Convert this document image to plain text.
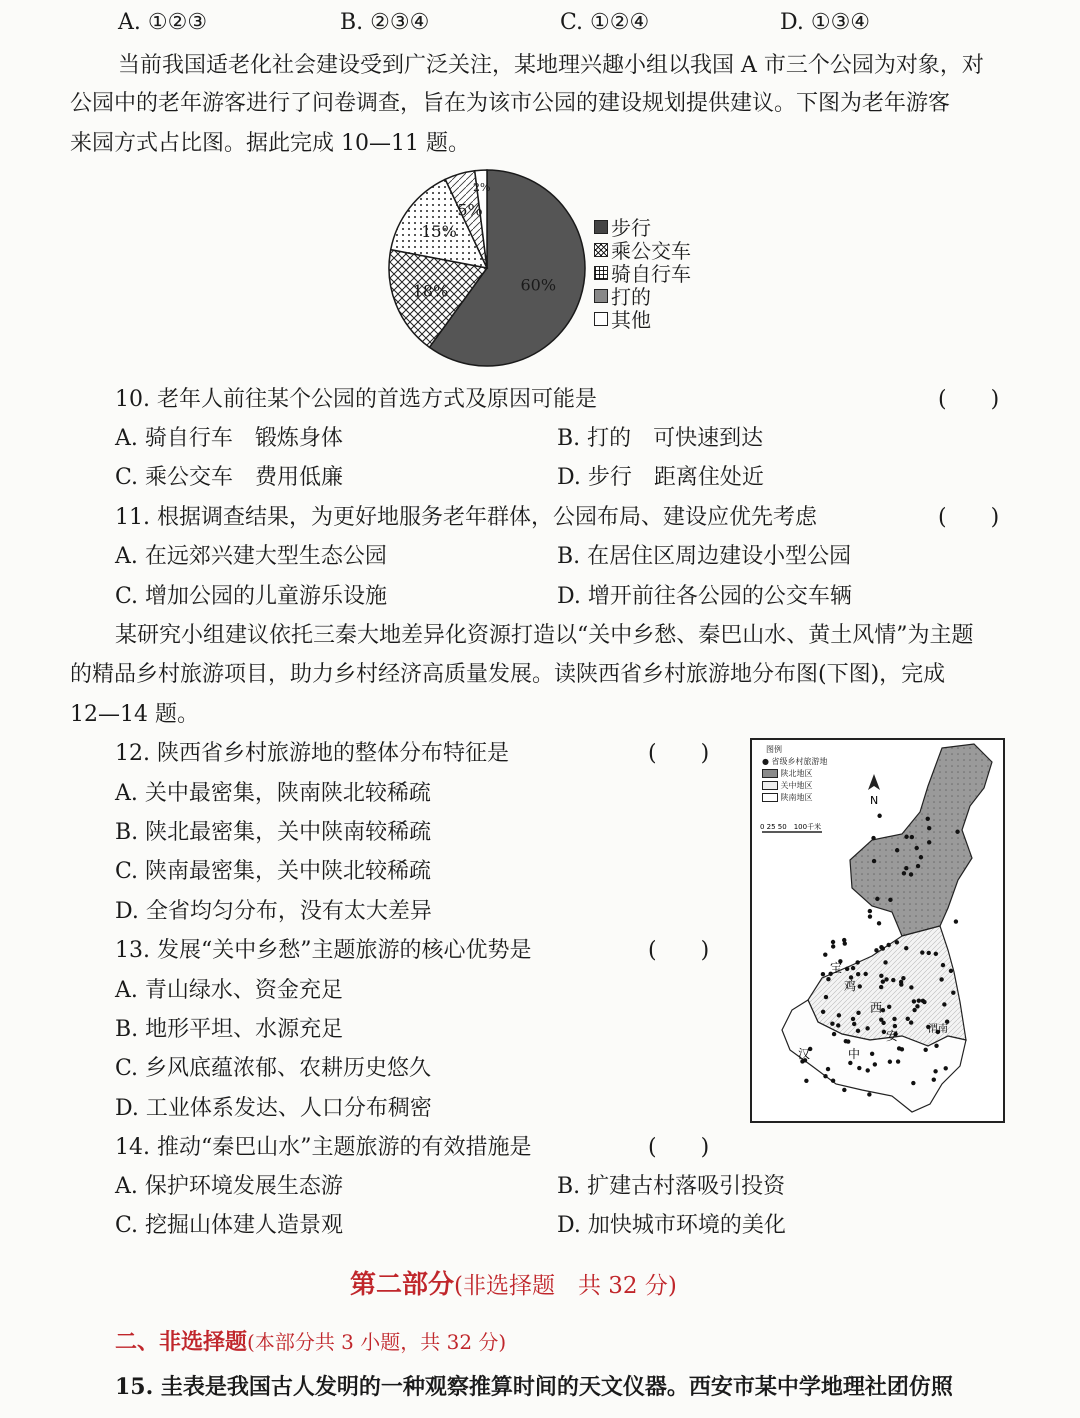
A. ①②③	B. ②③④	C. ①②④	D. ①③④
当前我国适老化社会建设受到广泛关注，某地理兴趣小组以我国 A 市三个公园为对象，对
公园中的老年游客进行了问卷调查，旨在为该市公园的建设规划提供建议。下图为老年游客
来园方式占比图。据此完成 10—11 题。
60%
18%
15%
5%
2%
步行
乘公交车
骑自行车
打的
其他
10. 老年人前往某个公园的首选方式及原因可能是	(　　)
A. 骑自行车　锻炼身体	B. 打的　可快速到达
C. 乘公交车　费用低廉	D. 步行　距离住处近
11. 根据调查结果，为更好地服务老年群体，公园布局、建设应优先考虑	(　　)
A. 在远郊兴建大型生态公园	B. 在居住区周边建设小型公园
C. 增加公园的儿童游乐设施	D. 增开前往各公园的公交车辆
某研究小组建议依托三秦大地差异化资源打造以“关中乡愁、秦巴山水、黄土风情”为主题
的精品乡村旅游项目，助力乡村经济高质量发展。读陕西省乡村旅游地分布图(下图)，完成
12—14 题。
12. 陕西省乡村旅游地的整体分布特征是	(　　)
A. 关中最密集，陕南陕北较稀疏
B. 陕北最密集，关中陕南较稀疏
C. 陕南最密集，关中陕北较稀疏
D. 全省均匀分布，没有太大差异
13. 发展“关中乡愁”主题旅游的核心优势是	(　　)
A. 青山绿水、资金充足
B. 地形平坦、水源充足
C. 乡风底蕴浓郁、农耕历史悠久
D. 工业体系发达、人口分布稠密
N
0 25 50　100千米
宝
鸡
西
安	渭南
汉	中
图例
● 省级乡村旅游地
陕北地区
关中地区
陕南地区
14. 推动“秦巴山水”主题旅游的有效措施是	(　　)
A. 保护环境发展生态游	B. 扩建古村落吸引投资
C. 挖掘山体建人造景观	D. 加快城市环境的美化
第二部分(非选择题　共 32 分)
二、非选择题(本部分共 3 小题，共 32 分)
15. 圭表是我国古人发明的一种观察推算时间的天文仪器。西安市某中学地理社团仿照
